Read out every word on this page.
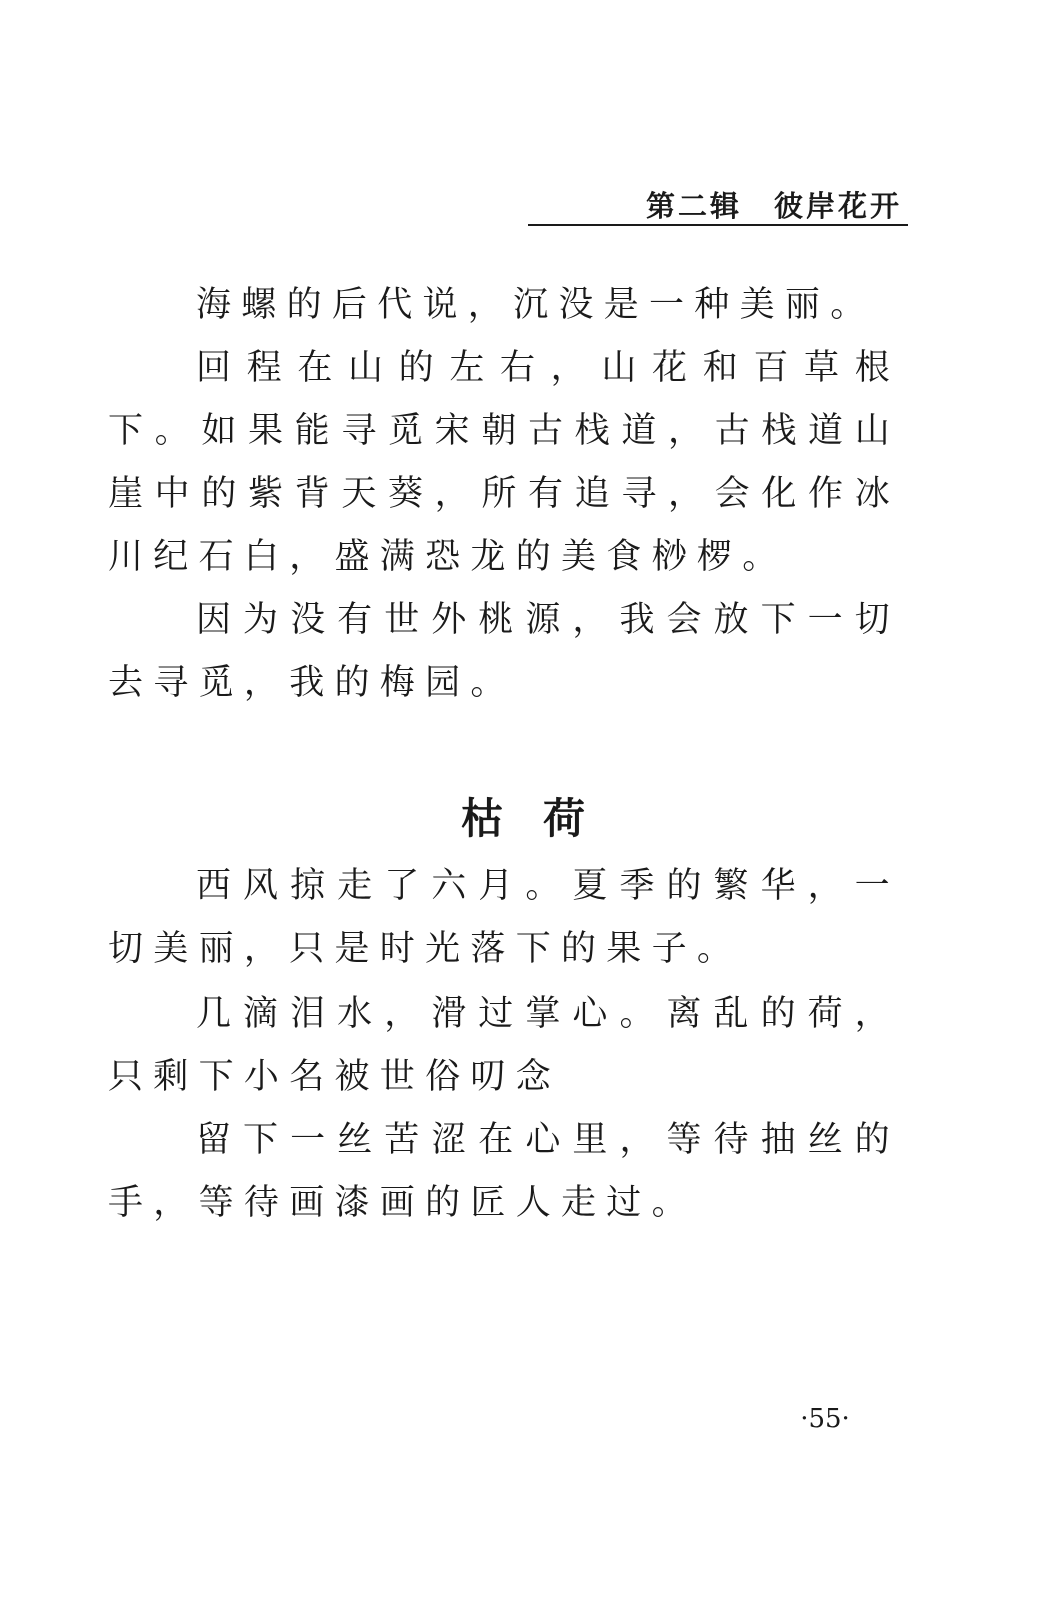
第二辑　彼岸花开

海螺的后代说，沉没是一种美丽。

回程在山的左右，山花和百草根下。如果能寻觅宋朝古栈道，古栈道山崖中的紫背天葵，所有追寻，会化作冰川纪石白，盛满恐龙的美食桫椤。

因为没有世外桃源，我会放下一切去寻觅，我的梅园。

枯荷

西风掠走了六月。夏季的繁华，一切美丽，只是时光落下的果子。

几滴泪水，滑过掌心。离乱的荷，只剩下小名被世俗叨念

留下一丝苦涩在心里，等待抽丝的手，等待画漆画的匠人走过。

·55·
